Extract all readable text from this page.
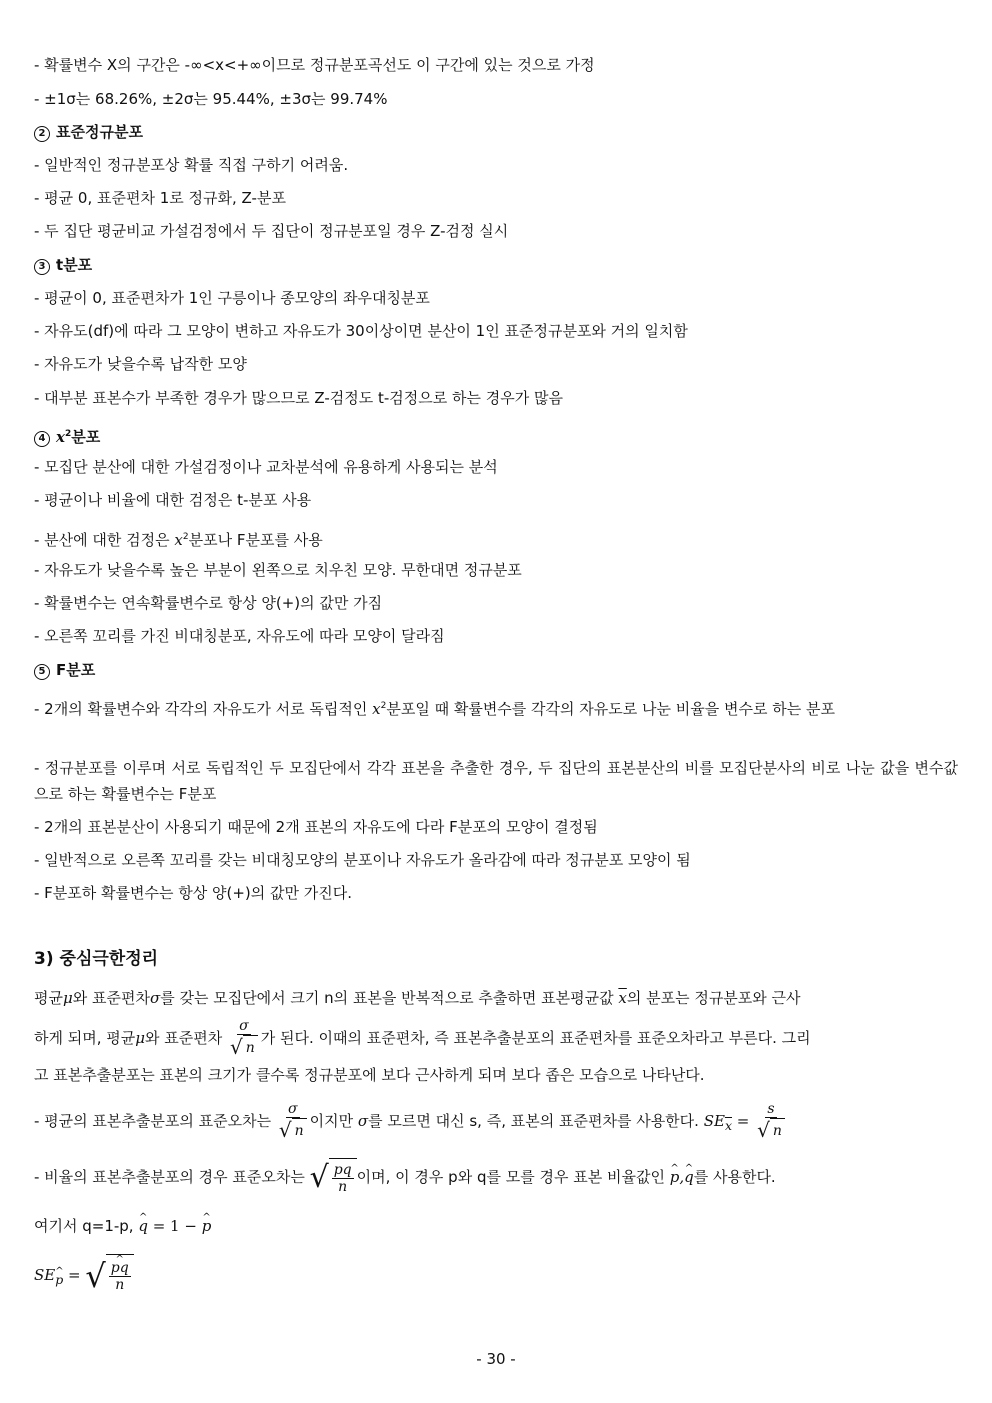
- 확률변수 X의 구간은 -∞<x<+∞이므로 정규분포곡선도 이 구간에 있는 것으로 가정
- ±1σ는 68.26%, ±2σ는 95.44%, ±3σ는 99.74%
2 표준정규분포
- 일반적인 정규분포상 확률 직접 구하기 어려움.
- 평균 0, 표준편차 1로 정규화, Z-분포
- 두 집단 평균비교 가설검정에서 두 집단이 정규분포일 경우 Z-검정 실시
3 t분포
- 평균이 0, 표준편차가 1인 구릉이나 종모양의 좌우대칭분포
- 자유도(df)에 따라 그 모양이 변하고 자유도가 30이상이면 분산이 1인 표준정규분포와 거의 일치함
- 자유도가 낮을수록 납작한 모양
- 대부분 표본수가 부족한 경우가 많으므로 Z-검정도 t-검정으로 하는 경우가 많음
4 $x^2$분포
- 모집단 분산에 대한 가설검정이나 교차분석에 유용하게 사용되는 분석
- 평균이나 비율에 대한 검정은 t-분포 사용
- 분산에 대한 검정은 $x^2$분포나 F분포를 사용
- 자유도가 낮을수록 높은 부분이 왼쪽으로 치우친 모양. 무한대면 정규분포
- 확률변수는 연속확률변수로 항상 양(+)의 값만 가짐
- 오른쪽 꼬리를 가진 비대칭분포, 자유도에 따라 모양이 달라짐
5 F분포
- 2개의 확률변수와 각각의 자유도가 서로 독립적인 $x^2$분포일 때 확률변수를 각각의 자유도로 나눈 비율을 변수로 하는 분포
- 정규분포를 이루며 서로 독립적인 두 모집단에서 각각 표본을 추출한 경우, 두 집단의 표본분산의 비를 모집단분사의 비로 나눈 값을 변수값으로 하는 확률변수는 F분포
- 2개의 표본분산이 사용되기 때문에 2개 표본의 자유도에 다라 F분포의 모양이 결정됨
- 일반적으로 오른쪽 꼬리를 갖는 비대칭모양의 분포이나 자유도가 올라감에 따라 정규분포 모양이 됨
- F분포하 확률변수는 항상 양(+)의 값만 가진다.
3) 중심극한정리
평균μ와 표준편차σ를 갖는 모집단에서 크기 n의 표본을 반복적으로 추출하면 표본평균값 $\overline{x}$의 분포는 정규분포와 근사
하게 되며, 평균μ와 표준편차 $\frac{\sigma}{√ n}$ 가 된다. 이때의 표준편차, 즉 표본추출분포의 표준편차를 표준오차라고 부른다. 그리
고 표본추출분포는 표본의 크기가 클수록 정규분포에 보다 근사하게 되며 보다 좁은 모습으로 나타난다.
- 평균의 표본추출분포의 표준오차는 $\frac{\sigma}{√ n}$ 이지만 σ를 모르면 대신 s, 즉, 표본의 표준편차를 사용한다. $SE_{\overline{x}} = \frac{s}{√ n}$
- 비율의 표본추출분포의 경우 표준오차는 √ $\frac{pq}{n}$ 이며, 이 경우 p와 q를 모를 경우 표본 비율값인 ^ p,^ q를 사용한다.
여기서 q=1-p, ^ q = 1 − ^ p
SE^ $_p$ = √ ^ $\frac{pq}{n}$
- 30 -
